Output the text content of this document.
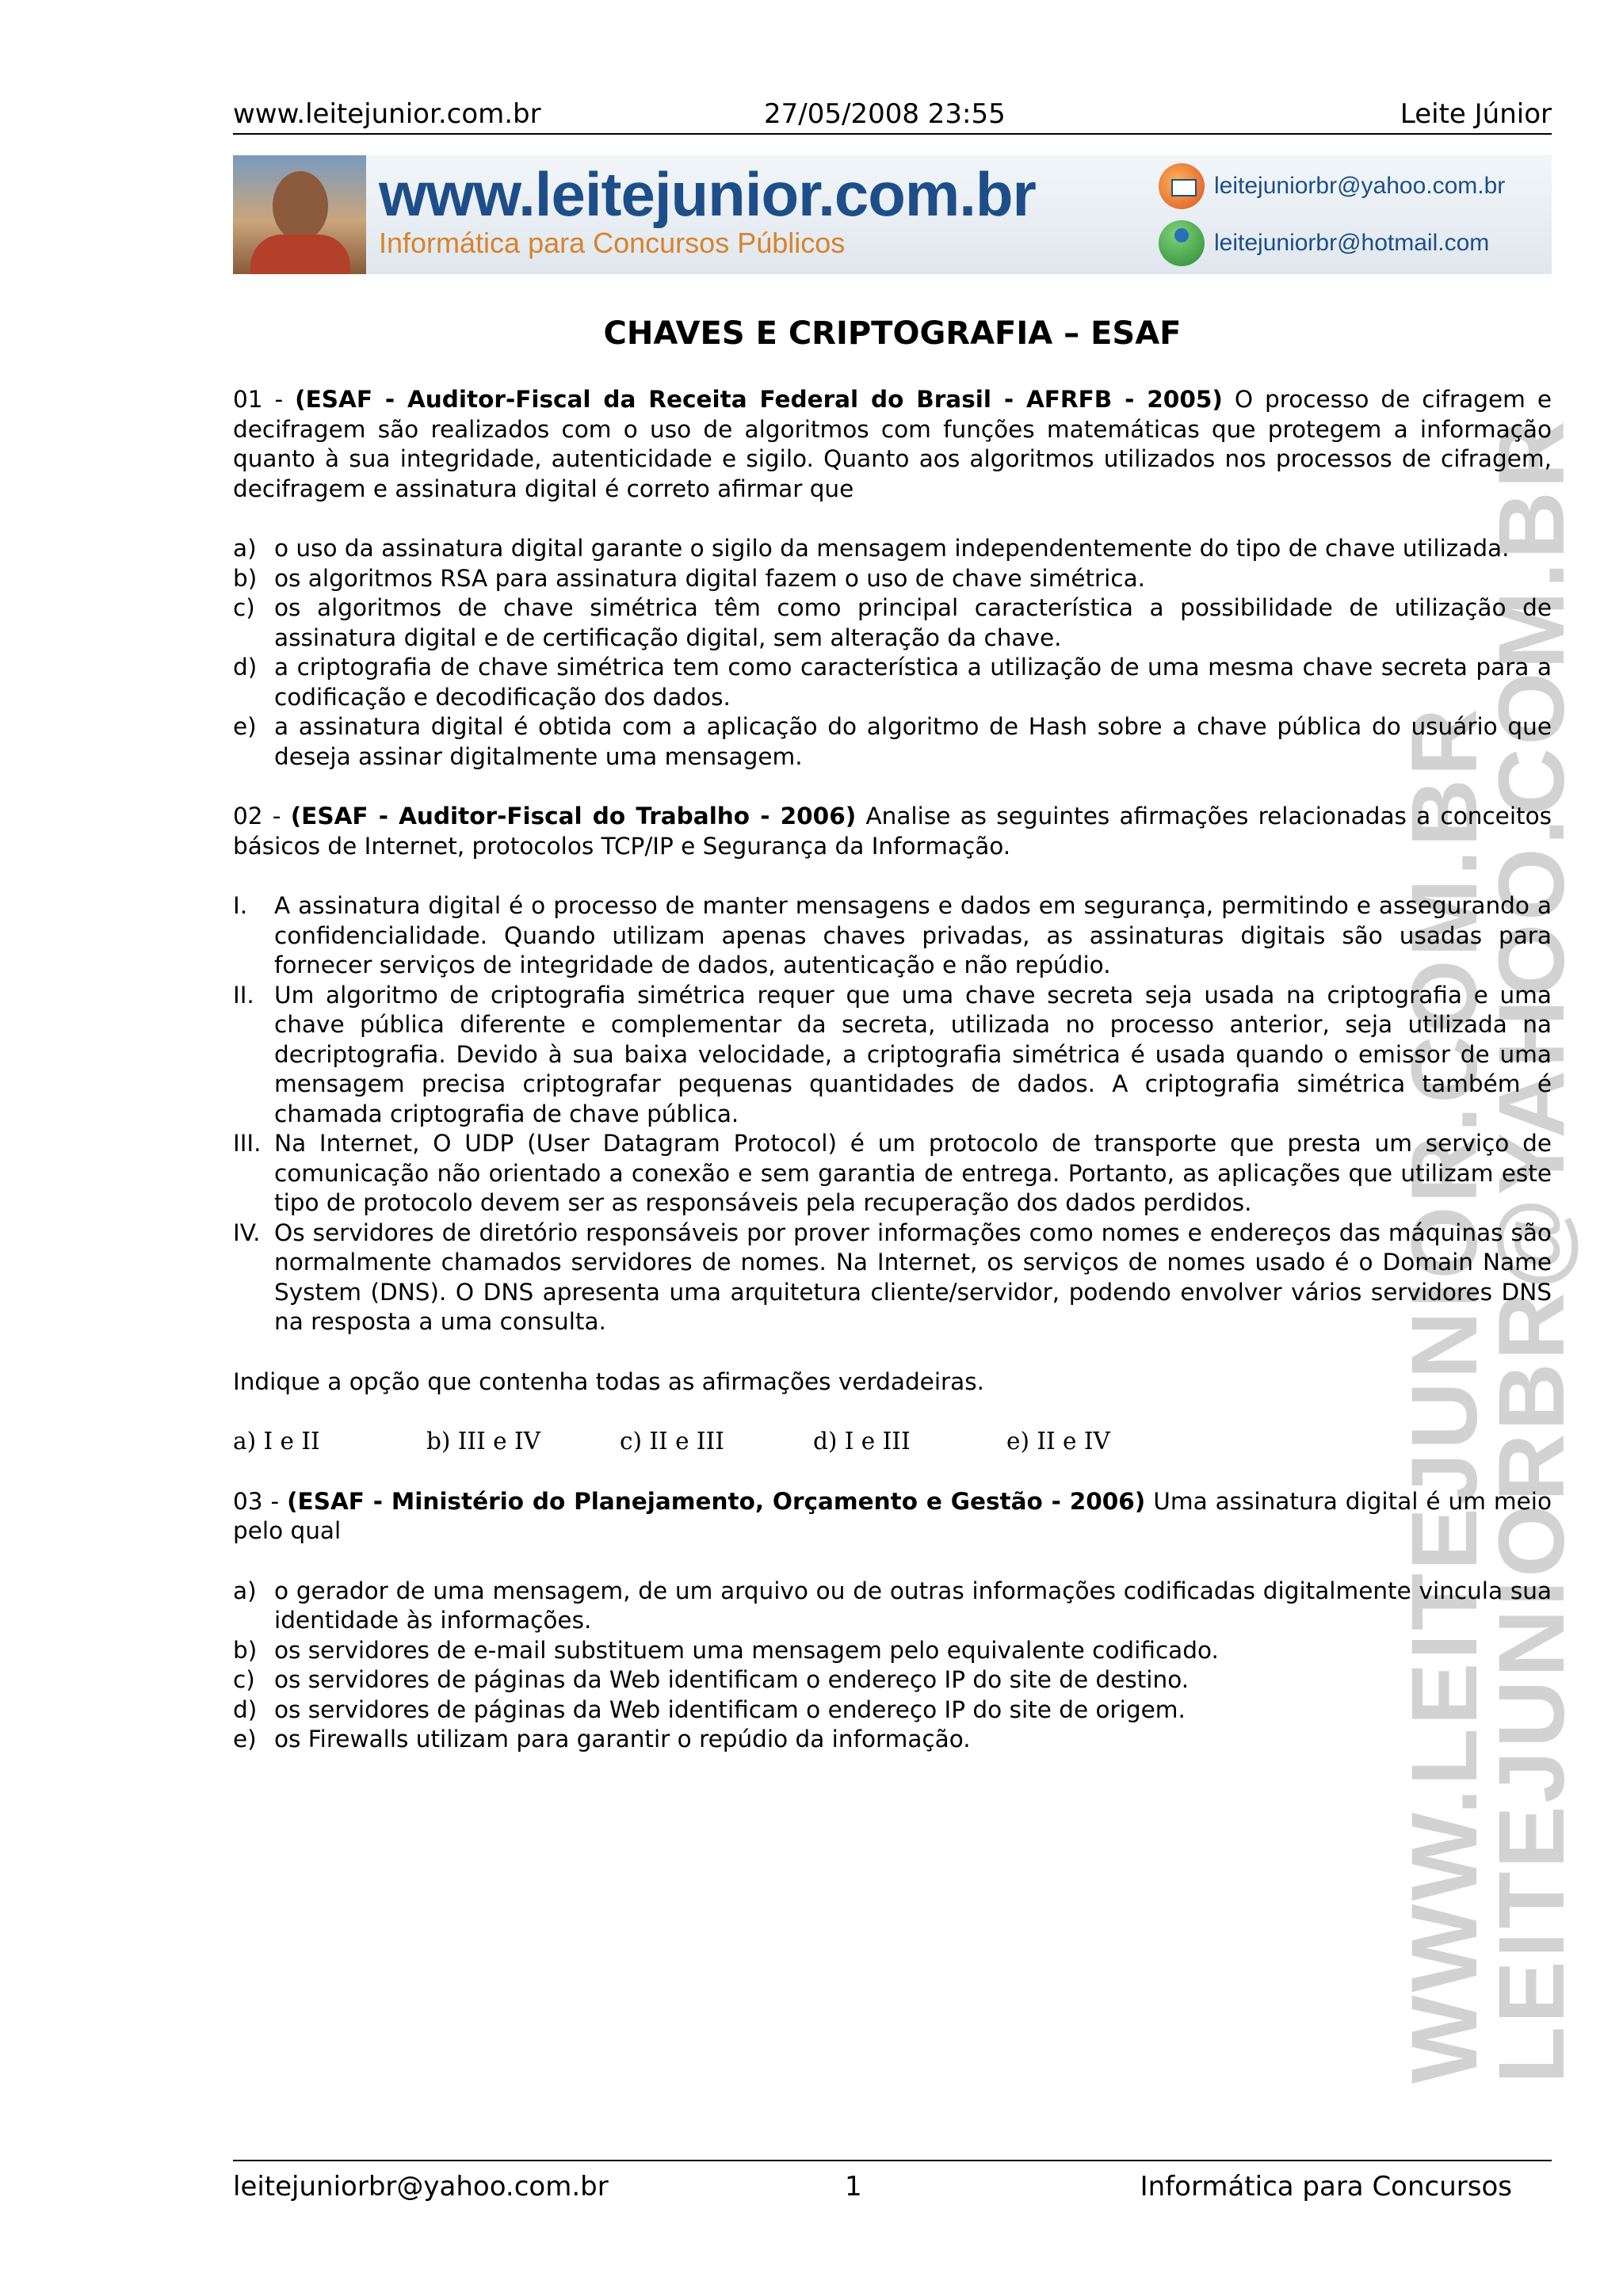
WWW.LEITEJUNIOR.COM.BR
LEITEJUNIORBR@YAHOO.COM.BR
www.leitejunior.com.br	27/05/2008 23:55	Leite Júnior
www.leitejunior.com.br
Informática para Concursos Públicos
leitejuniorbr@yahoo.com.br
leitejuniorbr@hotmail.com
CHAVES E CRIPTOGRAFIA – ESAF

01 - (ESAF - Auditor-Fiscal da Receita Federal do Brasil - AFRFB - 2005) O processo de cifragem e decifragem são realizados com o uso de algoritmos com funções matemáticas que protegem a informação quanto à sua integridade, autenticidade e sigilo. Quanto aos algoritmos utilizados nos processos de cifragem, decifragem e assinatura digital é correto afirmar que

a) o uso da assinatura digital garante o sigilo da mensagem independentemente do tipo de chave utilizada.
b) os algoritmos RSA para assinatura digital fazem o uso de chave simétrica.
c) os algoritmos de chave simétrica têm como principal característica a possibilidade de utilização de assinatura digital e de certificação digital, sem alteração da chave.
d) a criptografia de chave simétrica tem como característica a utilização de uma mesma chave secreta para a codificação e decodificação dos dados.
e) a assinatura digital é obtida com a aplicação do algoritmo de Hash sobre a chave pública do usuário que deseja assinar digitalmente uma mensagem.

02 - (ESAF - Auditor-Fiscal do Trabalho - 2006) Analise as seguintes afirmações relacionadas a conceitos básicos de Internet, protocolos TCP/IP e Segurança da Informação.

I. A assinatura digital é o processo de manter mensagens e dados em segurança, permitindo e assegurando a confidencialidade. Quando utilizam apenas chaves privadas, as assinaturas digitais são usadas para fornecer serviços de integridade de dados, autenticação e não repúdio.
II. Um algoritmo de criptografia simétrica requer que uma chave secreta seja usada na criptografia e uma chave pública diferente e complementar da secreta, utilizada no processo anterior, seja utilizada na decriptografia. Devido à sua baixa velocidade, a criptografia simétrica é usada quando o emissor de uma mensagem precisa criptografar pequenas quantidades de dados. A criptografia simétrica também é chamada criptografia de chave pública.
III. Na Internet, O UDP (User Datagram Protocol) é um protocolo de transporte que presta um serviço de comunicação não orientado a conexão e sem garantia de entrega. Portanto, as aplicações que utilizam este tipo de protocolo devem ser as responsáveis pela recuperação dos dados perdidos.
IV. Os servidores de diretório responsáveis por prover informações como nomes e endereços das máquinas são normalmente chamados servidores de nomes. Na Internet, os serviços de nomes usado é o Domain Name System (DNS). O DNS apresenta uma arquitetura cliente/servidor, podendo envolver vários servidores DNS na resposta a uma consulta.

Indique a opção que contenha todas as afirmações verdadeiras.

a) I e II	b) III e IV	c) II e III	d) I e III	e) II e IV

03 - (ESAF - Ministério do Planejamento, Orçamento e Gestão - 2006) Uma assinatura digital é um meio pelo qual

a) o gerador de uma mensagem, de um arquivo ou de outras informações codificadas digitalmente vincula sua identidade às informações.
b) os servidores de e-mail substituem uma mensagem pelo equivalente codificado.
c) os servidores de páginas da Web identificam o endereço IP do site de destino.
d) os servidores de páginas da Web identificam o endereço IP do site de origem.
e) os Firewalls utilizam para garantir o repúdio da informação.
leitejuniorbr@yahoo.com.br	1	Informática para Concursos
